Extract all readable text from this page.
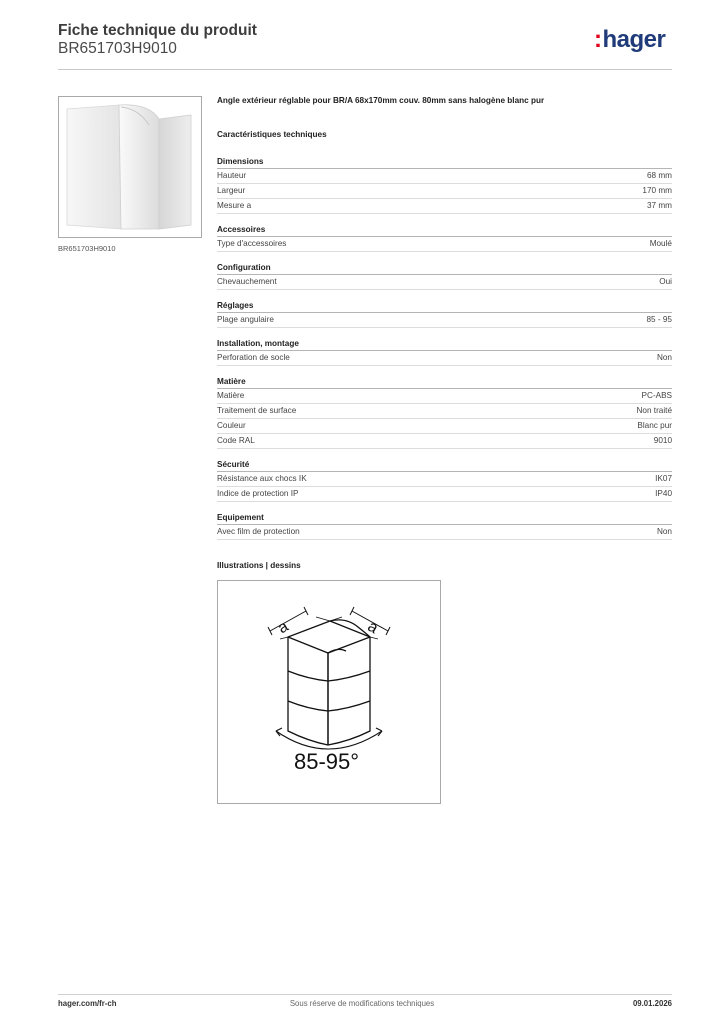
Fiche technique du produit
BR651703H9010	:hager
BR651703H9010
Angle extérieur réglable pour BR/A 68x170mm couv. 80mm sans halogène blanc pur
Caractéristiques techniques
Dimensions
Hauteur	68 mm
Largeur	170 mm
Mesure a	37 mm
Accessoires
Type d'accessoires	Moulé
Configuration
Chevauchement	Oui
Réglages
Plage angulaire	85 - 95
Installation, montage
Perforation de socle	Non
Matière
Matière	PC-ABS
Traitement de surface	Non traité
Couleur	Blanc pur
Code RAL	9010
Sécurité
Résistance aux chocs IK	IK07
Indice de protection IP	IP40
Equipement
Avec film de protection	Non
Illustrations | dessins
a	a
85-95°
hager.com/fr-ch	Sous réserve de modifications techniques	09.01.2026
